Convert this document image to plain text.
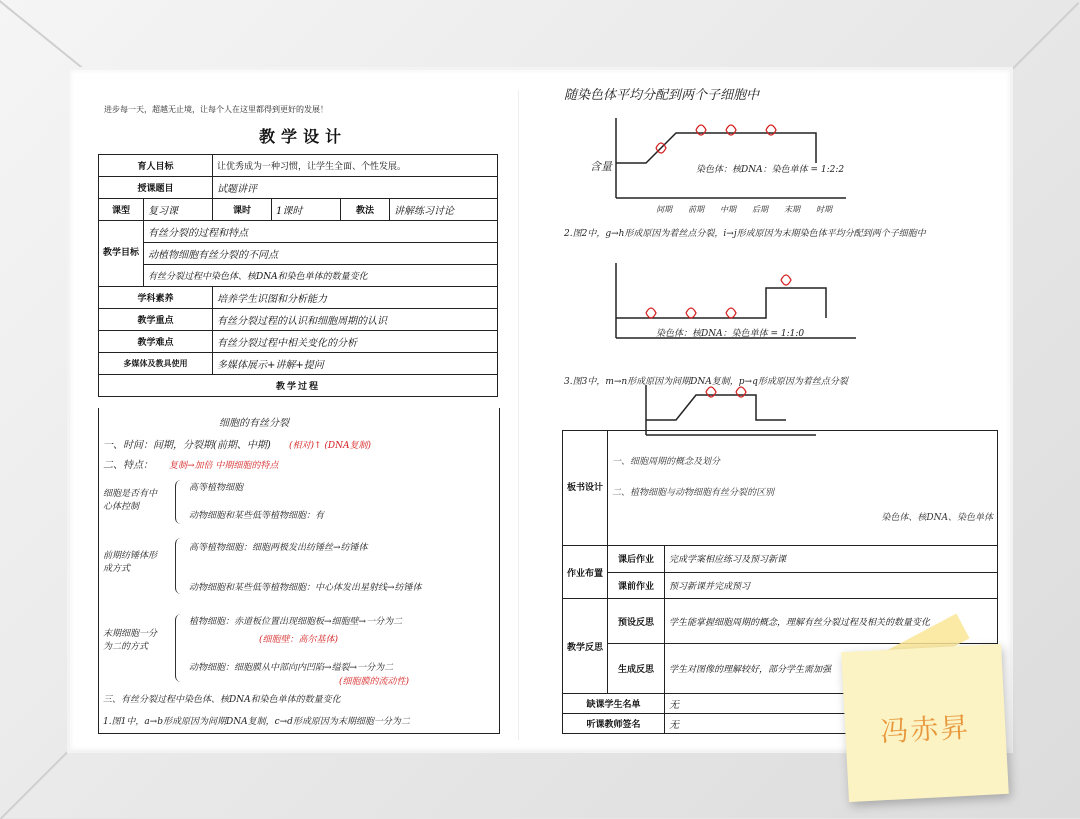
进步每一天，超越无止境，让每个人在这里都得到更好的发展！
教学设计
育人目标		让优秀成为一种习惯，让学生全面、个性发展。			
授课题目		试题讲评			
课型	复习课	课时	1课时	教法	讲解练习讨论
教学目标	有丝分裂的过程和特点				
	动植物细胞有丝分裂的不同点				
	有丝分裂过程中染色体、核DNA和染色单体的数量变化				
学科素养		培养学生识图和分析能力			
教学重点		有丝分裂过程的认识和细胞周期的认识			
教学难点		有丝分裂过程中相关变化的分析			
多媒体及教具使用		多媒体展示+讲解+提问			
教学过程					
细胞的有丝分裂
一、时间：间期，分裂期(前期、中期) (相对)↑ (DNA复制)
二、特点： 复制→加倍 中期细胞的特点
细胞是否有中心体控制
高等植物细胞
动物细胞和某些低等植物细胞：有
前期纺锤体形成方式
高等植物细胞：细胞两极发出纺锤丝→纺锤体
动物细胞和某些低等植物细胞：中心体发出星射线→纺锤体
末期细胞一分为二的方式
植物细胞：赤道板位置出现细胞板→细胞壁→一分为二
(细胞壁：高尔基体)
动物细胞：细胞膜从中部向内凹陷→缢裂→一分为二
(细胞膜的流动性)
三、有丝分裂过程中染色体、核DNA和染色单体的数量变化
1.图1中，a→b形成原因为间期DNA复制，c→d形成原因为末期细胞一分为二
随染色体平均分配到两个子细胞中
含量	染色体：核DNA：染色单体 = 1:2:2
间期 前期 中期 后期 末期 时期
2.图2中，g→h形成原因为着丝点分裂，i→j形成原因为末期染色体平均分配到两个子细胞中
染色体：核DNA：染色单体 = 1:1:0
3.图3中，m→n形成原因为间期DNA复制，p→q形成原因为着丝点分裂
板书设计	一、细胞周期的概念及划分
二、植物细胞与动物细胞有丝分裂的区别
染色体、核DNA、染色单体	

作业布置	课后作业	完成学案相应练习及预习新课
	课前作业	预习新课并完成预习
教学反思	预设反思	学生能掌握细胞周期的概念，理解有丝分裂过程及相关的数量变化
	生成反思	学生对图像的理解较好，部分学生需加强
缺课学生名单		无
听课教师签名		无	冯赤昇
